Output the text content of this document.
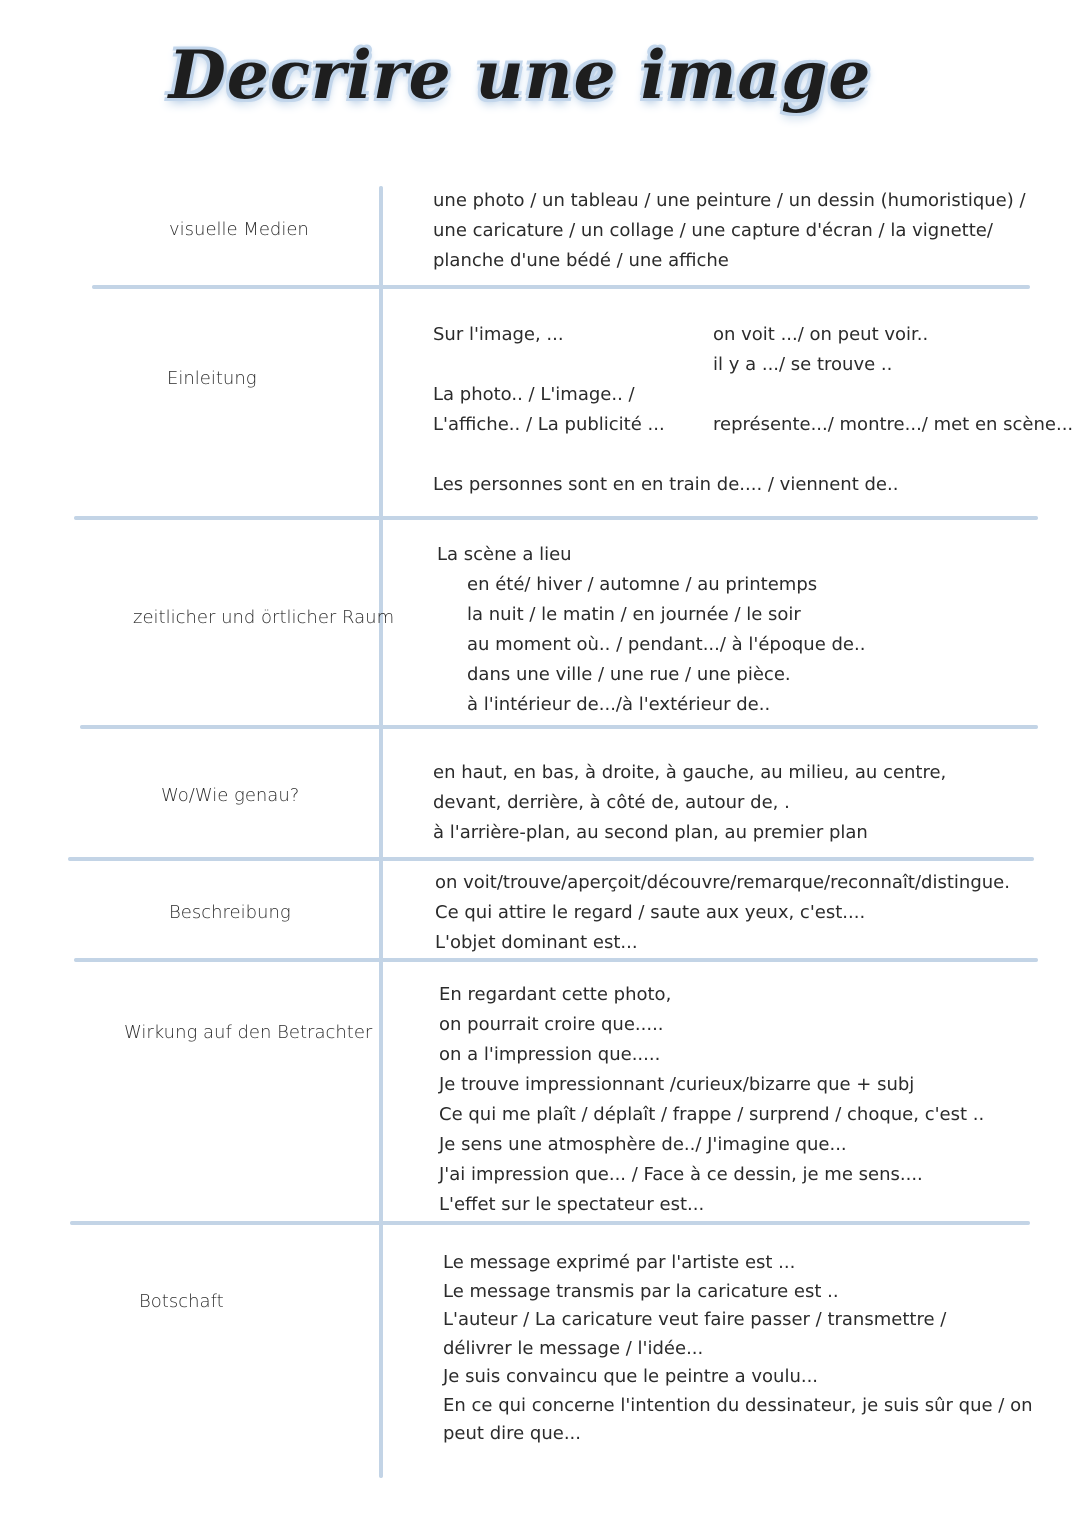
Decrire une image
visuelle Medien
une photo / un tableau / une peinture / un dessin (humoristique) /
une caricature / un collage / une capture d'écran / la vignette/
planche d'une bédé / une affiche
Einleitung
Sur l'image, ...
La photo.. / L'image.. /
L'affiche.. / La publicité ...
on voit .../ on peut voir..
il y a .../ se trouve ..
représente.../ montre.../ met en scène...
Les personnes sont en en train de.... / viennent de..
zeitlicher und örtlicher Raum
La scène a lieu
en été/ hiver / automne / au printemps
la nuit / le matin / en journée / le soir
au moment où.. / pendant.../ à l'époque de..
dans une ville / une rue / une pièce.
à l'intérieur de.../à l'extérieur de..
Wo/Wie genau?
en haut, en bas, à droite, à gauche, au milieu, au centre,
devant, derrière, à côté de, autour de, .
à l'arrière-plan, au second plan, au premier plan
Beschreibung
on voit/trouve/aperçoit/découvre/remarque/reconnaît/distingue.
Ce qui attire le regard / saute aux yeux, c'est....
L'objet dominant est...
Wirkung auf den Betrachter
En regardant cette photo,
on pourrait croire que.....
on a l'impression que.....
Je trouve impressionnant /curieux/bizarre que + subj
Ce qui me plaît / déplaît / frappe / surprend / choque, c'est ..
Je sens une atmosphère de../ J'imagine que...
J'ai impression que... / Face à ce dessin, je me sens....
L'effet sur le spectateur est...
Botschaft
Le message exprimé par l'artiste est ...
Le message transmis par la caricature est ..
L'auteur / La caricature veut faire passer / transmettre /
délivrer le message / l'idée...
Je suis convaincu que le peintre a voulu...
En ce qui concerne l'intention du dessinateur, je suis sûr que / on
peut dire que...
